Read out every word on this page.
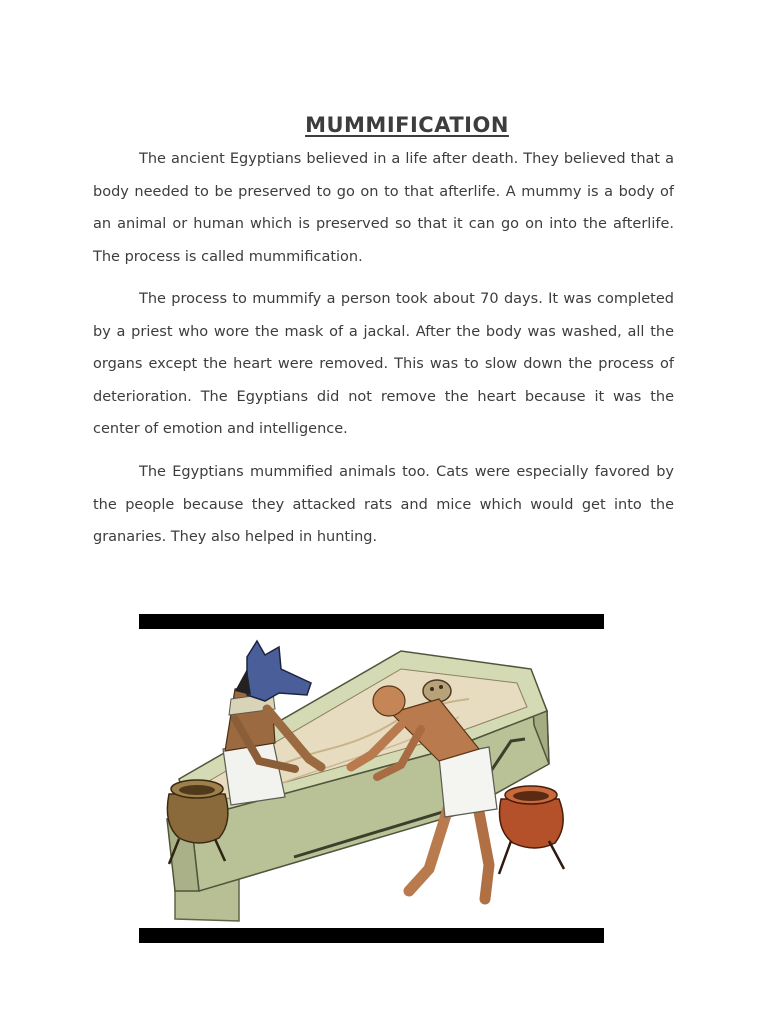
MUMMIFICATION

The ancient Egyptians believed in a life after death. They believed that a body needed to be preserved to go on to that afterlife. A mummy is a body of an animal or human which is preserved so that it can go on into the afterlife. The process is called mummification.

The process to mummify a person took about 70 days. It was completed by a priest who wore the mask of a jackal. After the body was washed, all the organs except the heart were removed. This was to slow down the process of deterioration. The Egyptians did not remove the heart because it was the center of emotion and intelligence.

The Egyptians mummified animals too. Cats were especially favored by the people because they attacked rats and mice which would get into the granaries. They also helped in hunting.
